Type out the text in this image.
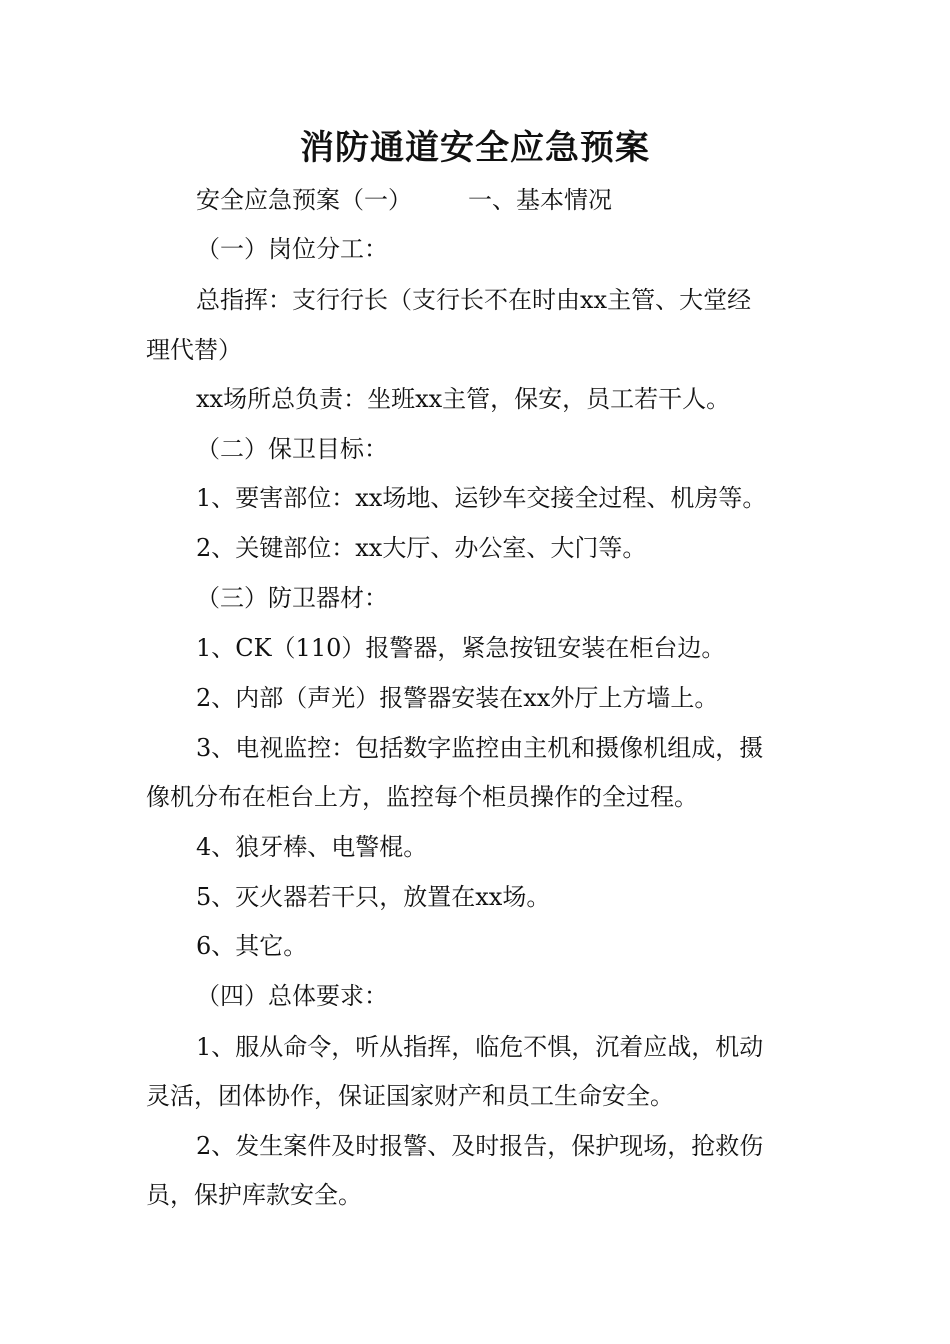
消防通道安全应急预案

安全应急预案（一） 一、基本情况

（一）岗位分工：

总指挥：支行行长（支行长不在时由xx主管、大堂经

理代替）

xx场所总负责：坐班xx主管，保安，员工若干人。

（二）保卫目标：

1、要害部位：xx场地、运钞车交接全过程、机房等。

2、关键部位：xx大厅、办公室、大门等。

（三）防卫器材：

1、CK（110）报警器，紧急按钮安装在柜台边。

2、内部（声光）报警器安装在xx外厅上方墙上。

3、电视监控：包括数字监控由主机和摄像机组成，摄

像机分布在柜台上方，监控每个柜员操作的全过程。

4、狼牙棒、电警棍。

5、灭火器若干只，放置在xx场。

6、其它。

（四）总体要求：

1、服从命令，听从指挥，临危不惧，沉着应战，机动

灵活，团体协作，保证国家财产和员工生命安全。

2、发生案件及时报警、及时报告，保护现场，抢救伤

员，保护库款安全。
